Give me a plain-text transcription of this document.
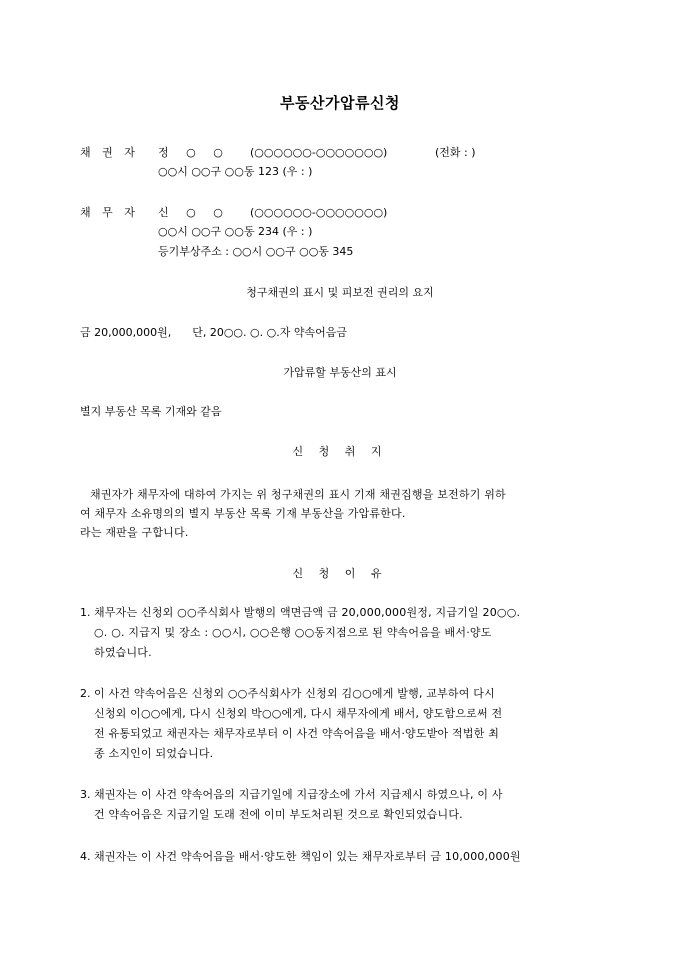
부동산가압류신청
채 권 자 정 ○ ○ (○○○○○○-○○○○○○○)	(전화 : )
○○시 ○○구 ○○동 123 (우 : )
채 무 자 신 ○ ○ (○○○○○○-○○○○○○○)
○○시 ○○구 ○○동 234 (우 : )
등기부상주소 : ○○시 ○○구 ○○동 345
청구채권의 표시 및 피보전 권리의 요지
금 20,000,000원,      단, 20○○. ○. ○.자 약속어음금
가압류할 부동산의 표시
별지 부동산 목록 기재와 같음
신 청 취 지
채권자가 채무자에 대하여 가지는 위 청구채권의 표시 기재 채권집행을 보전하기 위하
여 채무자 소유명의의 별지 부동산 목록 기재 부동산을 가압류한다.
라는 재판을 구합니다.
신 청 이 유
1. 채무자는 신청외 ○○주식회사 발행의 액면금액 금 20,000,000원정, 지급기일 20○○.
○. ○. 지급지 및 장소 : ○○시, ○○은행 ○○동지점으로 된 약속어음을 배서·양도
하였습니다.
2. 이 사건 약속어음은 신청외 ○○주식회사가 신청외 김○○에게 발행, 교부하여 다시
신청외 이○○에게, 다시 신청외 박○○에게, 다시 채무자에게 배서, 양도함으로써 전
전 유통되었고 채권자는 채무자로부터 이 사건 약속어음을 배서·양도받아 적법한 최
종 소지인이 되었습니다.
3. 채권자는 이 사건 약속어음의 지급기일에 지급장소에 가서 지급제시 하였으나, 이 사
건 약속어음은 지급기일 도래 전에 이미 부도처리된 것으로 확인되었습니다.
4. 채권자는 이 사건 약속어음을 배서·양도한 책임이 있는 채무자로부터 금 10,000,000원
